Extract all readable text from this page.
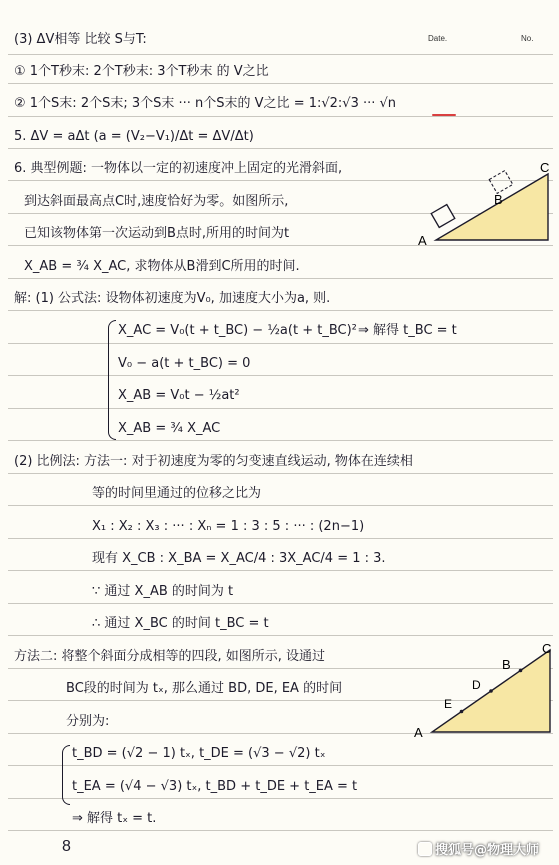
Date.	No.
(3) ΔV相等 比较 S与T:
① 1个T秒末: 2个T秒末: 3个T秒末 的 V之比
② 1个S末: 2个S末; 3个S末 ··· n个S末的 V之比 = 1:√2:√3 ··· √n
5. ΔV = aΔt (a = (V₂−V₁)/Δt = ΔV/Δt)
6. 典型例题: 一物体以一定的初速度冲上固定的光滑斜面,
到达斜面最高点C时,速度恰好为零。如图所示,
已知该物体第一次运动到B点时,所用的时间为t
X_AB = ¾ X_AC, 求物体从B滑到C所用的时间.
A
B
C
解: (1) 公式法: 设物体初速度为V₀, 加速度大小为a, 则.
X_AC = V₀(t + t_BC) − ½a(t + t_BC)² ⇒ 解得 t_BC = t
V₀ − a(t + t_BC) = 0
X_AB = V₀t − ½at²
X_AB = ¾ X_AC
(2) 比例法: 方法一: 对于初速度为零的匀变速直线运动, 物体在连续相
等的时间里通过的位移之比为
X₁ : X₂ : X₃ : ··· : Xₙ = 1 : 3 : 5 : ··· : (2n−1)
现有 X_CB : X_BA = X_AC/4 : 3X_AC/4 = 1 : 3.
∵ 通过 X_AB 的时间为 t
∴ 通过 X_BC 的时间 t_BC = t
方法二: 将整个斜面分成相等的四段, 如图所示, 设通过
BC段的时间为 tₓ, 那么通过 BD, DE, EA 的时间
分别为:
A
E
D
B
C
t_BD = (√2 − 1) tₓ, t_DE = (√3 − √2) tₓ
t_EA = (√4 − √3) tₓ, t_BD + t_DE + t_EA = t
⇒ 解得 tₓ = t.
8	搜狐号@物理大师
